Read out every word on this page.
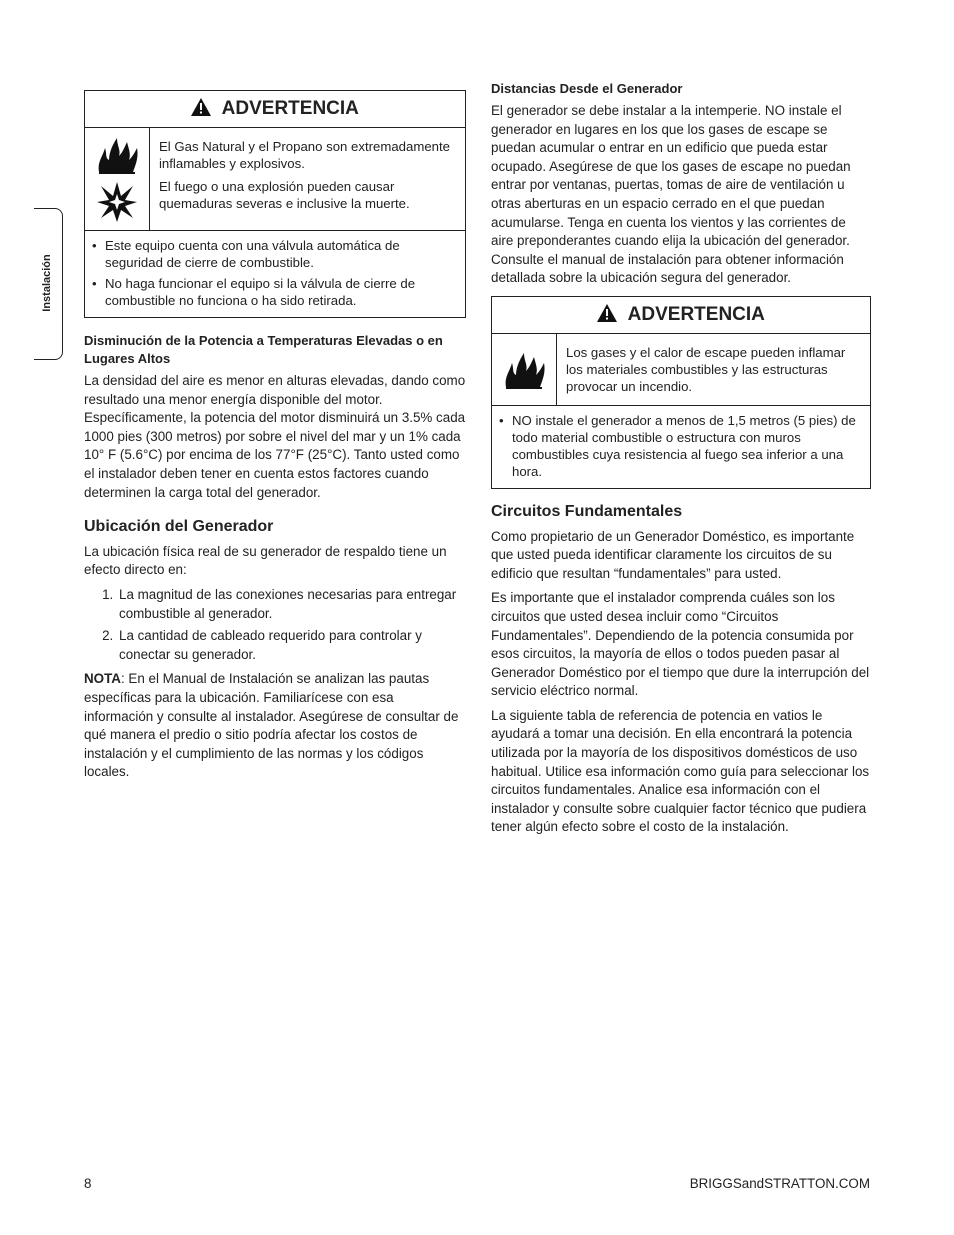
Instalación
ADVERTENCIA

El Gas Natural y el Propano son extremadamente inflamables y explosivos.

El fuego o una explosión pueden causar quemaduras severas e inclusive la muerte.

• Este equipo cuenta con una válvula automática de seguridad de cierre de combustible.
• No haga funcionar el equipo si la válvula de cierre de combustible no funciona o ha sido retirada.
Disminución de la Potencia a Temperaturas Elevadas o en Lugares Altos

La densidad del aire es menor en alturas elevadas, dando como resultado una menor energía disponible del motor. Específicamente, la potencia del motor disminuirá un 3.5% cada 1000 pies (300 metros) por sobre el nivel del mar y un 1% cada 10° F (5.6°C) por encima de los 77°F (25°C). Tanto usted como el instalador deben tener en cuenta estos factores cuando determinen la carga total del generador.

Ubicación del Generador

La ubicación física real de su generador de respaldo tiene un efecto directo en:

1. La magnitud de las conexiones necesarias para entregar combustible al generador.
2. La cantidad de cableado requerido para controlar y conectar su generador.

NOTA: En el Manual de Instalación se analizan las pautas específicas para la ubicación. Familiarícese con esa información y consulte al instalador. Asegúrese de consultar de qué manera el predio o sitio podría afectar los costos de instalación y el cumplimiento de las normas y los códigos locales.

Distancias Desde el Generador

El generador se debe instalar a la intemperie. NO instale el generador en lugares en los que los gases de escape se puedan acumular o entrar en un edificio que pueda estar ocupado. Asegúrese de que los gases de escape no puedan entrar por ventanas, puertas, tomas de aire de ventilación u otras aberturas en un espacio cerrado en el que puedan acumularse. Tenga en cuenta los vientos y las corrientes de aire preponderantes cuando elija la ubicación del generador. Consulte el manual de instalación para obtener información detallada sobre la ubicación segura del generador.

ADVERTENCIA

Los gases y el calor de escape pueden inflamar los materiales combustibles y las estructuras provocar un incendio.

• NO instale el generador a menos de 1,5 metros (5 pies) de todo material combustible o estructura con muros combustibles cuya resistencia al fuego sea inferior a una hora.
Circuitos Fundamentales

Como propietario de un Generador Doméstico, es importante que usted pueda identificar claramente los circuitos de su edificio que resultan “fundamentales” para usted.

Es importante que el instalador comprenda cuáles son los circuitos que usted desea incluir como “Circuitos Fundamentales”. Dependiendo de la potencia consumida por esos circuitos, la mayoría de ellos o todos pueden pasar al Generador Doméstico por el tiempo que dure la interrupción del servicio eléctrico normal.

La siguiente tabla de referencia de potencia en vatios le ayudará a tomar una decisión. En ella encontrará la potencia utilizada por la mayoría de los dispositivos domésticos de uso habitual. Utilice esa información como guía para seleccionar los circuitos fundamentales. Analice esa información con el instalador y consulte sobre cualquier factor técnico que pudiera tener algún efecto sobre el costo de la instalación.

8	BRIGGSandSTRATTON.COM
